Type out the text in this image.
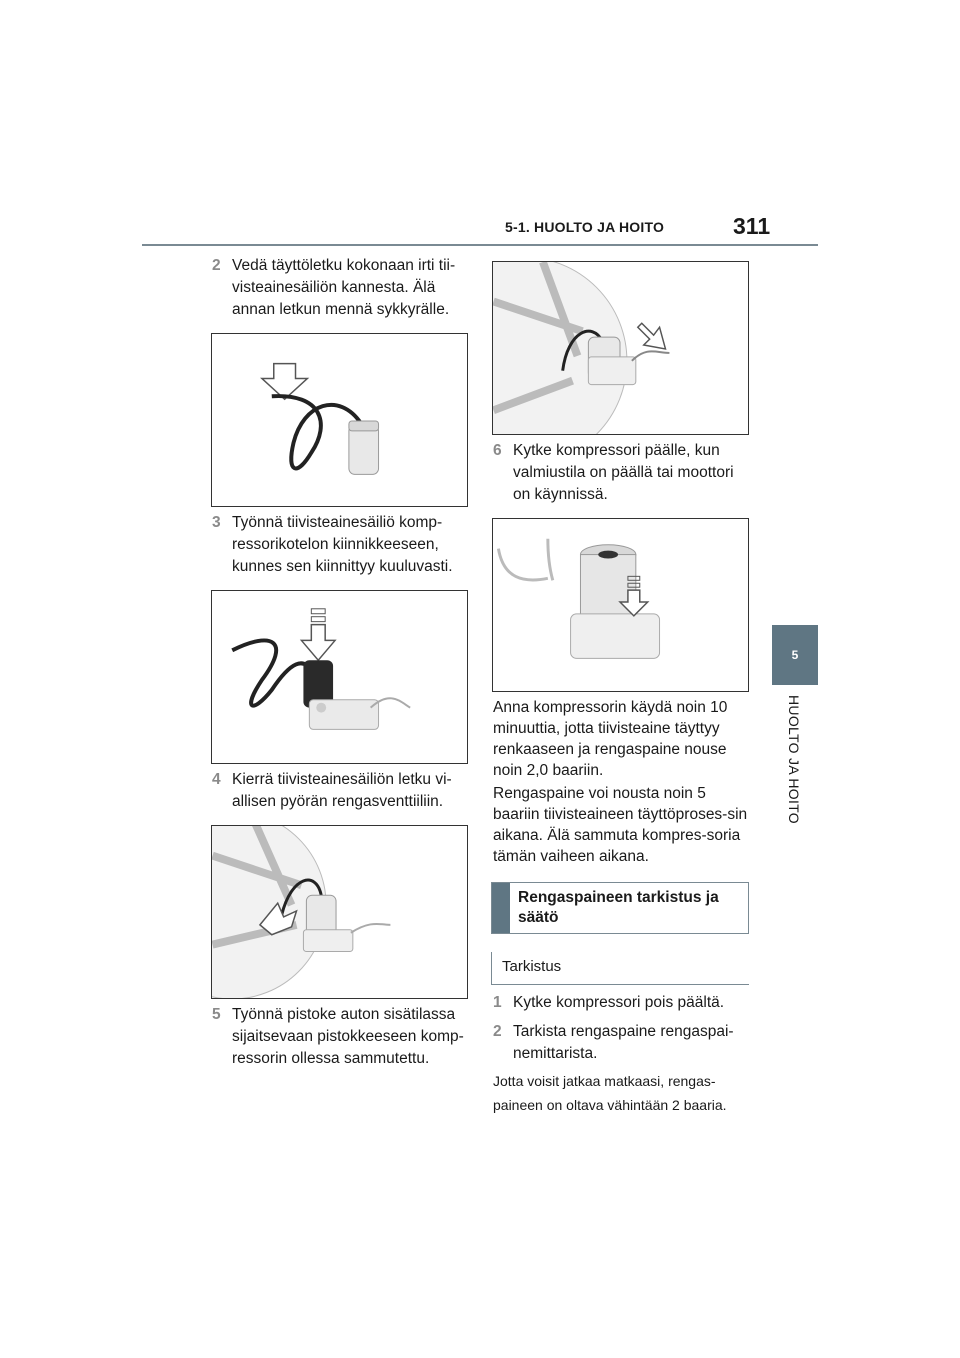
5-1. HUOLTO JA HOITO	311
5
HUOLTO JA HOITO
2 Vedä täyttöletku kokonaan irti tii-visteainesäiliön kannesta. Älä annan letkun mennä sykkyrälle.
3 Työnnä tiivisteainesäiliö komp-ressorikotelon kiinnikkeeseen, kunnes sen kiinnittyy kuuluvasti.
4 Kierrä tiivisteainesäiliön letku vi-allisen pyörän rengasventtiiliin.
5 Työnnä pistoke auton sisätilassa sijaitsevaan pistokkeeseen komp-ressorin ollessa sammutettu.
6 Kytke kompressori päälle, kun valmiustila on päällä tai moottori on käynnissä.
Anna kompressorin käydä noin 10 minuuttia, jotta tiivisteaine täyttyy renkaaseen ja rengaspaine nouse noin 2,0 baariin.
Rengaspaine voi nousta noin 5 baariin tiivisteaineen täyttöproses-sin aikana. Älä sammuta kompres-soria tämän vaiheen aikana.
Rengaspaineen tarkistus ja säätö
Tarkistus
1 Kytke kompressori pois päältä.
2 Tarkista rengaspaine rengaspai-nemittarista.
Jotta voisit jatkaa matkaasi, rengas-paineen on oltava vähintään 2 baaria.
